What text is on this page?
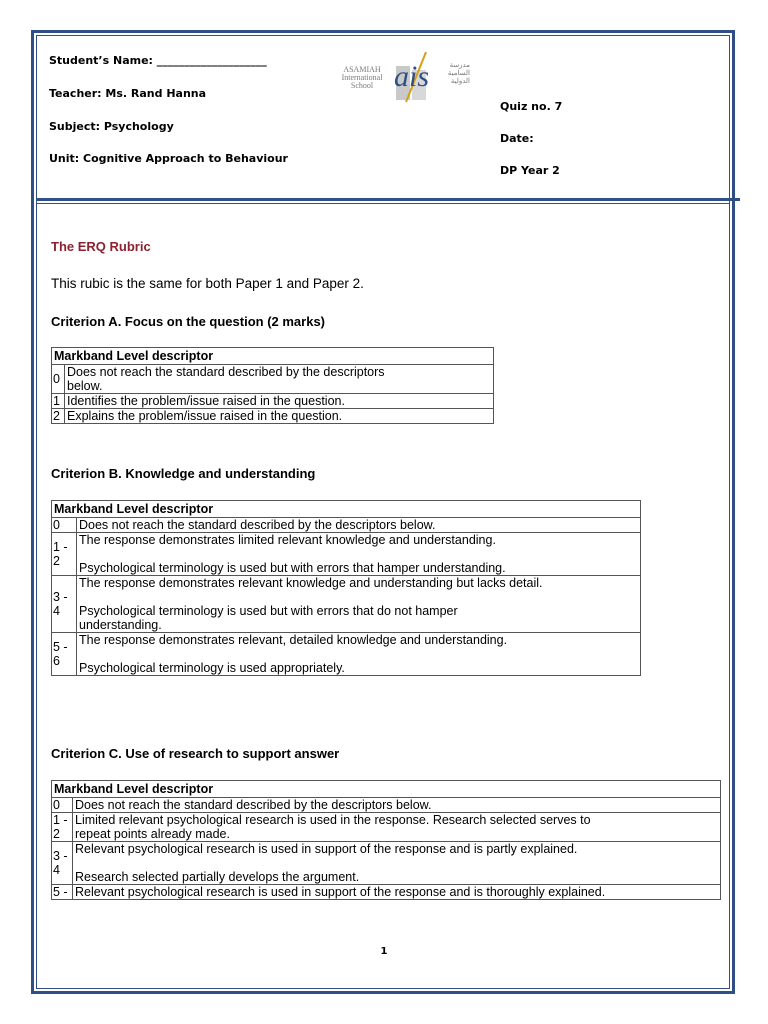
Student’s Name: ____________________
Teacher: Ms. Rand Hanna
Subject: Psychology
Unit: Cognitive Approach to Behaviour
Quiz no. 7
Date:
DP Year 2
ASAMIAH
International
School ais	مدرسة
السامية
الدولية
The ERQ Rubric
This rubic is the same for both Paper 1 and Paper 2.
Criterion A. Focus on the question (2 marks)
Markband Level descriptor	
0	Does not reach the standard described by the descriptors
below.
1	Identifies the problem/issue raised in the question.
2	Explains the problem/issue raised in the question.
Criterion B. Knowledge and understanding
Markband Level descriptor	
0	Does not reach the standard described by the descriptors below.
1 -
2	The response demonstrates limited relevant knowledge and understanding.

Psychological terminology is used but with errors that hamper understanding.
3 -
4	The response demonstrates relevant knowledge and understanding but lacks detail.

Psychological terminology is used but with errors that do not hamper
understanding.
5 -
6	The response demonstrates relevant, detailed knowledge and understanding.

Psychological terminology is used appropriately.
Criterion C. Use of research to support answer
Markband Level descriptor	
0	Does not reach the standard described by the descriptors below.
1 -
2	Limited relevant psychological research is used in the response. Research selected serves to
repeat points already made.
3 -
4	Relevant psychological research is used in support of the response and is partly explained.

Research selected partially develops the argument.
5 -	Relevant psychological research is used in support of the response and is thoroughly explained.
1
